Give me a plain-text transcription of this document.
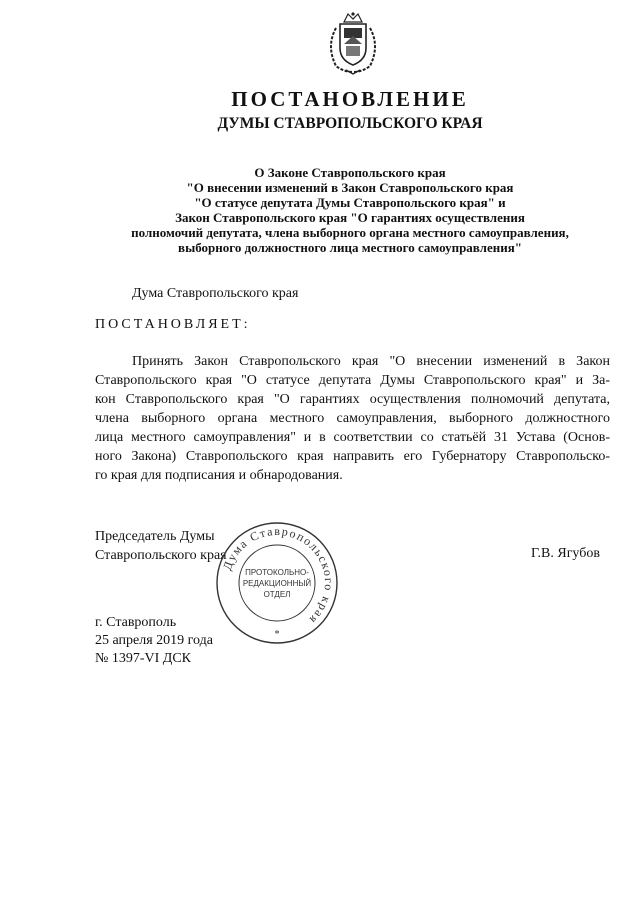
ПОСТАНОВЛЕНИЕ
ДУМЫ СТАВРОПОЛЬСКОГО КРАЯ
О Законе Ставропольского края
"О внесении изменений в Закон Ставропольского края
"О статусе депутата Думы Ставропольского края" и
Закон Ставропольского края "О гарантиях осуществления
полномочий депутата, члена выборного органа местного самоуправления,
выборного должностного лица местного самоуправления"
Дума Ставропольского края
ПОСТАНОВЛЯЕТ:
Принять Закон Ставропольского края "О внесении изменений в Закон
Ставропольского края "О статусе депутата Думы Ставропольского края" и За-
кон Ставропольского края "О гарантиях осуществления полномочий депутата,
члена выборного органа местного самоуправления, выборного должностного
лица местного самоуправления" и в соответствии со статьёй 31 Устава (Основ-
ного Закона) Ставропольского края направить его Губернатору Ставропольско-
го края для подписания и обнародования.
Председатель Думы
Ставропольского края	Г.В. Ягубов
Дума Ставропольского края
ПРОТОКОЛЬНО-
РЕДАКЦИОННЫЙ
ОТДЕЛ
*
г. Ставрополь
25 апреля 2019 года
№ 1397-VI ДСК
